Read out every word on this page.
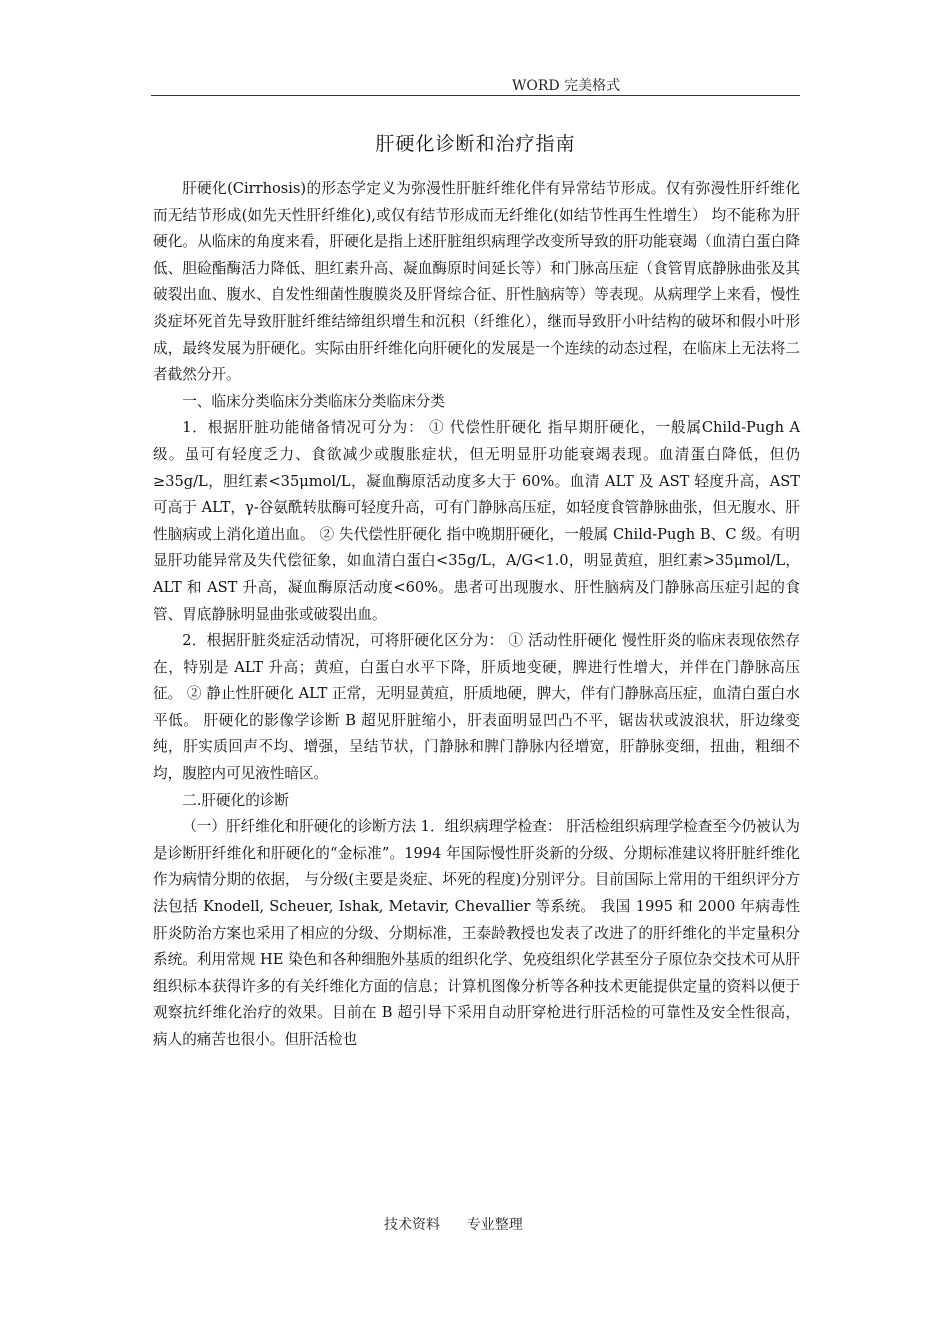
WORD 完美格式
肝硬化诊断和治疗指南

肝硬化(Cirrhosis)的形态学定义为弥漫性肝脏纤维化伴有异常结节形成。仅有弥漫性肝纤维化而无结节形成(如先天性肝纤维化),或仅有结节形成而无纤维化(如结节性再生性增生） 均不能称为肝硬化。从临床的角度来看，肝硬化是指上述肝脏组织病理学改变所导致的肝功能衰竭（血清白蛋白降低、胆硷酯酶活力降低、胆红素升高、凝血酶原时间延长等）和门脉高压症（食管胃底静脉曲张及其破裂出血、腹水、自发性细菌性腹膜炎及肝肾综合征、肝性脑病等）等表现。从病理学上来看，慢性炎症坏死首先导致肝脏纤维结缔组织增生和沉积（纤维化），继而导致肝小叶结构的破坏和假小叶形成，最终发展为肝硬化。实际由肝纤维化向肝硬化的发展是一个连续的动态过程，在临床上无法将二者截然分开。

一、临床分类临床分类临床分类临床分类

1．根据肝脏功能储备情况可分为： ① 代偿性肝硬化 指早期肝硬化，一般属Child-Pugh A 级。虽可有轻度乏力、食欲减少或腹胀症状，但无明显肝功能衰竭表现。血清蛋白降低，但仍≥35g/L，胆红素<35μmol/L，凝血酶原活动度多大于 60%。血清 ALT 及 AST 轻度升高，AST 可高于 ALT，γ-谷氨酰转肽酶可轻度升高，可有门静脉高压症，如轻度食管静脉曲张，但无腹水、肝性脑病或上消化道出血。 ② 失代偿性肝硬化 指中晚期肝硬化，一般属 Child-Pugh B、C 级。有明显肝功能异常及失代偿征象，如血清白蛋白<35g/L，A/G<1.0，明显黄疸，胆红素>35μmol/L，ALT 和 AST 升高，凝血酶原活动度<60%。患者可出现腹水、肝性脑病及门静脉高压症引起的食管、胃底静脉明显曲张或破裂出血。

2．根据肝脏炎症活动情况，可将肝硬化区分为： ① 活动性肝硬化 慢性肝炎的临床表现依然存在，特别是 ALT 升高；黄疸，白蛋白水平下降，肝质地变硬，脾进行性增大，并伴在门静脉高压征。 ② 静止性肝硬化 ALT 正常，无明显黄疸，肝质地硬，脾大，伴有门静脉高压症，血清白蛋白水平低。 肝硬化的影像学诊断 B 超见肝脏缩小，肝表面明显凹凸不平，锯齿状或波浪状，肝边缘变纯，肝实质回声不均、增强，呈结节状，门静脉和脾门静脉内径增宽，肝静脉变细，扭曲，粗细不均，腹腔内可见液性暗区。

二.肝硬化的诊断

（一）肝纤维化和肝硬化的诊断方法 1．组织病理学检查： 肝活检组织病理学检查至今仍被认为是诊断肝纤维化和肝硬化的“金标准”。1994 年国际慢性肝炎新的分级、分期标准建议将肝脏纤维化作为病情分期的依据， 与分级(主要是炎症、坏死的程度)分别评分。目前国际上常用的干组织评分方法包括 Knodell, Scheuer, Ishak, Metavir, Chevallier 等系统。 我国 1995 和 2000 年病毒性肝炎防治方案也采用了相应的分级、分期标准，王泰龄教授也发表了改进了的肝纤维化的半定量积分系统。利用常规 HE 染色和各种细胞外基质的组织化学、免疫组织化学甚至分子原位杂交技术可从肝组织标本获得许多的有关纤维化方面的信息；计算机图像分析等各种技术更能提供定量的资料以便于观察抗纤维化治疗的效果。目前在 B 超引导下采用自动肝穿枪进行肝活检的可靠性及安全性很高，病人的痛苦也很小。但肝活检也

技术资料 专业整理
